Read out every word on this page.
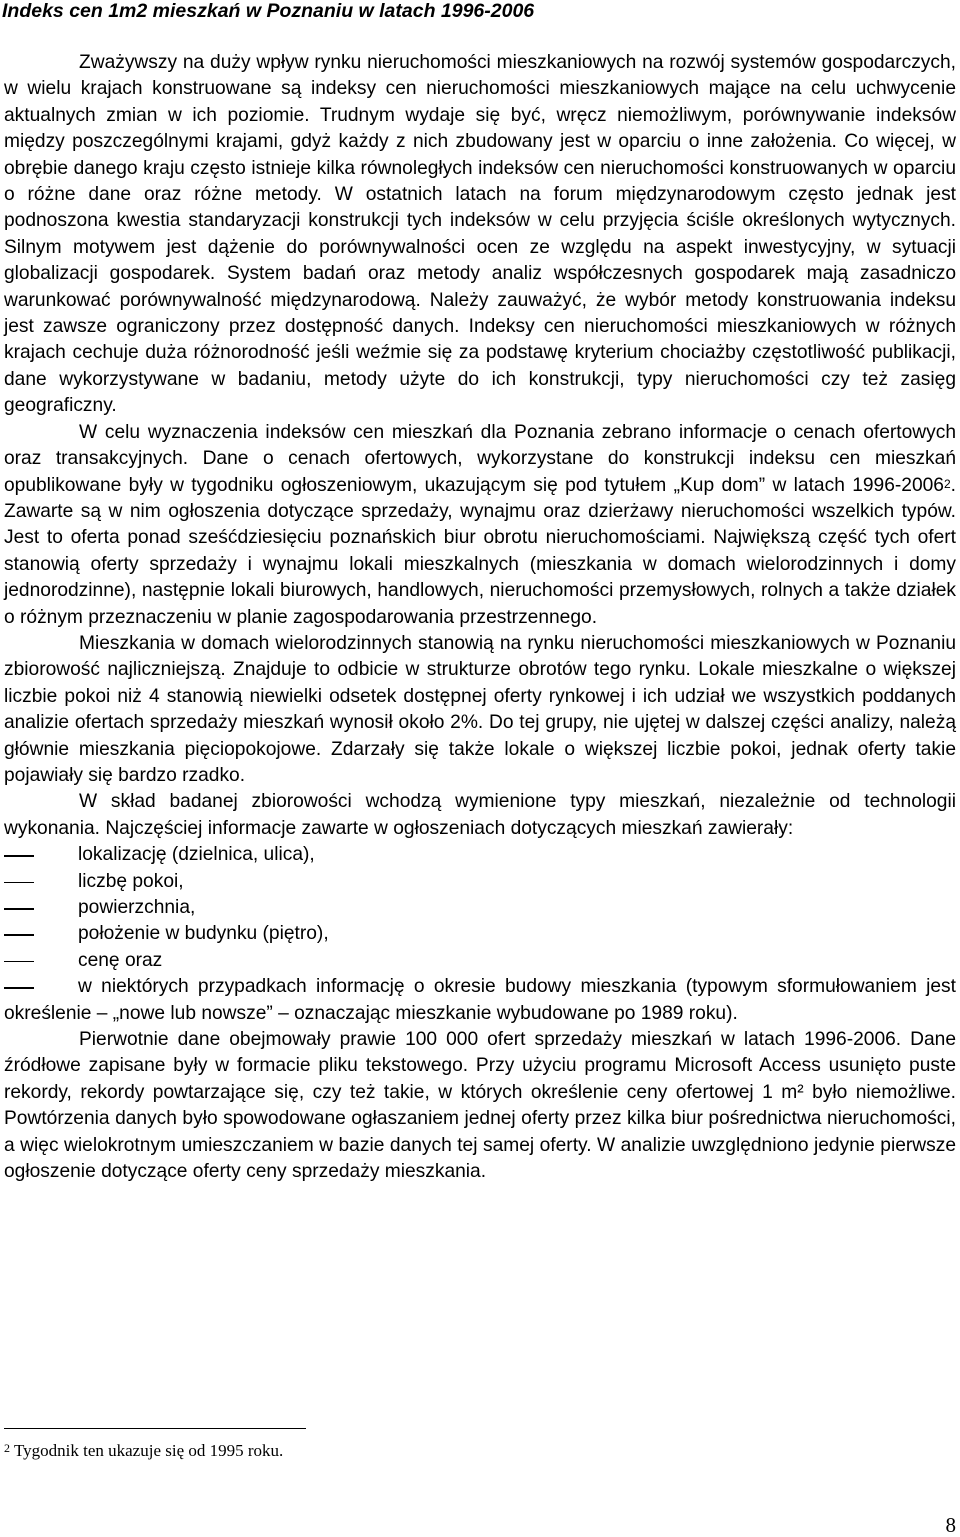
Indeks cen 1m2 mieszkań w Poznaniu w latach 1996-2006

Zważywszy na duży wpływ rynku nieruchomości mieszkaniowych na rozwój systemów gospodarczych, w wielu krajach konstruowane są indeksy cen nieruchomości mieszkaniowych mające na celu uchwycenie aktualnych zmian w ich poziomie. Trudnym wydaje się być, wręcz niemożliwym, porównywanie indeksów między poszczególnymi krajami, gdyż każdy z nich zbudowany jest w oparciu o inne założenia. Co więcej, w obrębie danego kraju często istnieje kilka równoległych indeksów cen nieruchomości konstruowanych w oparciu o różne dane oraz różne metody. W ostatnich latach na forum międzynarodowym często jednak jest podnoszona kwestia standaryzacji konstrukcji tych indeksów w celu przyjęcia ściśle określonych wytycznych. Silnym motywem jest dążenie do porównywalności ocen ze względu na aspekt inwestycyjny, w sytuacji globalizacji gospodarek. System badań oraz metody analiz współczesnych gospodarek mają zasadniczo warunkować porównywalność międzynarodową. Należy zauważyć, że wybór metody konstruowania indeksu jest zawsze ograniczony przez dostępność danych. Indeksy cen nieruchomości mieszkaniowych w różnych krajach cechuje duża różnorodność jeśli weźmie się za podstawę kryterium chociażby częstotliwość publikacji, dane wykorzystywane w badaniu, metody użyte do ich konstrukcji, typy nieruchomości czy też zasięg geograficzny.

W celu wyznaczenia indeksów cen mieszkań dla Poznania zebrano informacje o cenach ofertowych oraz transakcyjnych. Dane o cenach ofertowych, wykorzystane do konstrukcji indeksu cen mieszkań opublikowane były w tygodniku ogłoszeniowym, ukazującym się pod tytułem „Kup dom” w latach 1996-2006$^2$. Zawarte są w nim ogłoszenia dotyczące sprzedaży, wynajmu oraz dzierżawy nieruchomości wszelkich typów. Jest to oferta ponad sześćdziesięciu poznańskich biur obrotu nieruchomościami. Największą część tych ofert stanowią oferty sprzedaży i wynajmu lokali mieszkalnych (mieszkania w domach wielorodzinnych i domy jednorodzinne), następnie lokali biurowych, handlowych, nieruchomości przemysłowych, rolnych a także działek o różnym przeznaczeniu w planie zagospodarowania przestrzennego.

Mieszkania w domach wielorodzinnych stanowią na rynku nieruchomości mieszkaniowych w Poznaniu zbiorowość najliczniejszą. Znajduje to odbicie w strukturze obrotów tego rynku. Lokale mieszkalne o większej liczbie pokoi niż 4 stanowią niewielki odsetek dostępnej oferty rynkowej i ich udział we wszystkich poddanych analizie ofertach sprzedaży mieszkań wynosił około 2%. Do tej grupy, nie ujętej w dalszej części analizy, należą głównie mieszkania pięciopokojowe. Zdarzały się także lokale o większej liczbie pokoi, jednak oferty takie pojawiały się bardzo rzadko.

W skład badanej zbiorowości wchodzą wymienione typy mieszkań, niezależnie od technologii wykonania. Najczęściej informacje zawarte w ogłoszeniach dotyczących mieszkań zawierały:

lokalizację (dzielnica, ulica),
liczbę pokoi,
powierzchnia,
położenie w budynku (piętro),
cenę oraz
w niektórych przypadkach informację o okresie budowy mieszkania (typowym sformułowaniem jest określenie – „nowe lub nowsze” – oznaczając mieszkanie wybudowane po 1989 roku).

Pierwotnie dane obejmowały prawie 100 000 ofert sprzedaży mieszkań w latach 1996-2006. Dane źródłowe zapisane były w formacie pliku tekstowego. Przy użyciu programu Microsoft Access usunięto puste rekordy, rekordy powtarzające się, czy też takie, w których określenie ceny ofertowej 1 m² było niemożliwe. Powtórzenia danych było spowodowane ogłaszaniem jednej oferty przez kilka biur pośrednictwa nieruchomości, a więc wielokrotnym umieszczaniem w bazie danych tej samej oferty. W analizie uwzględniono jedynie pierwsze ogłoszenie dotyczące oferty ceny sprzedaży mieszkania.

$^2$ Tygodnik ten ukazuje się od 1995 roku.
8
